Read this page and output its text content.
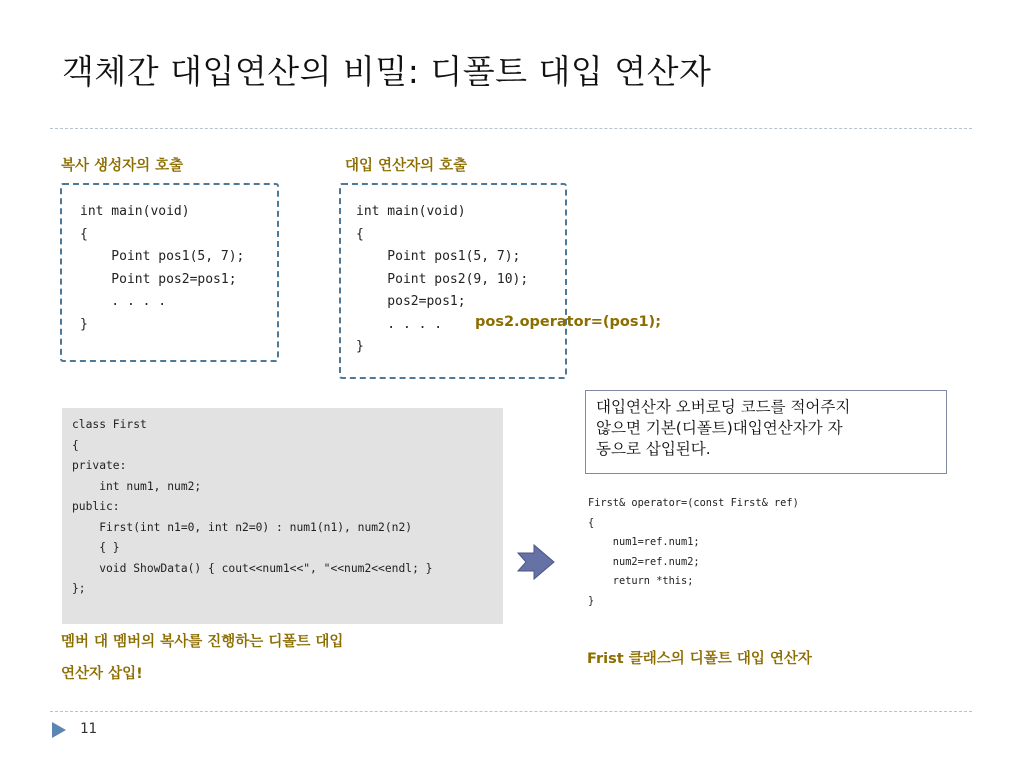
객체간 대입연산의 비밀: 디폴트 대입 연산자
복사 생성자의 호출
int main(void)
{
Point pos1(5, 7);
Point pos2=pos1;
. . . .
}
대입 연산자의 호출
int main(void)
{
Point pos1(5, 7);
Point pos2(9, 10);
pos2=pos1;
. . . .
}
pos2.operator=(pos1);
class First
{
private:
int num1, num2;
public:
First(int n1=0, int n2=0) : num1(n1), num2(n2)
{ }
void ShowData() { cout<<num1<<", "<<num2<<endl; }
};
멤버 대 멤버의 복사를 진행하는 디폴트 대입
연산자 삽입!
대입연산자 오버로딩 코드를 적어주지
않으면 기본(디폴트)대입연산자가 자
동으로 삽입된다.
First& operator=(const First& ref)
{
num1=ref.num1;
num2=ref.num2;
return *this;
}
Frist 클래스의 디폴트 대입 연산자
11
